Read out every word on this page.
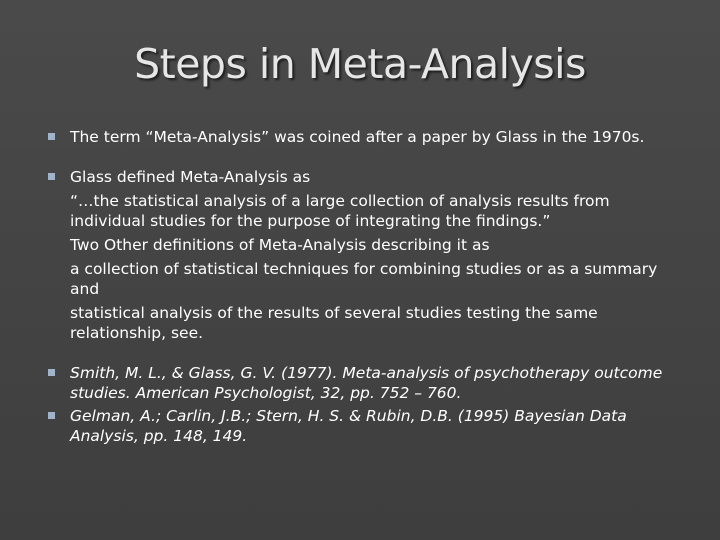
Steps in Meta-Analysis

The term “Meta-Analysis” was coined after a paper by Glass in the 1970s.

Glass defined Meta-Analysis as

“…the statistical analysis of a large collection of analysis results from individual studies for the purpose of integrating the findings.”

Two Other definitions of Meta-Analysis describing it as

a collection of statistical techniques for combining studies or as a summary and

statistical analysis of the results of several studies testing the same relationship, see.

Smith, M. L., & Glass, G. V. (1977). Meta-analysis of psychotherapy outcome studies. American Psychologist, 32, pp. 752 – 760.

Gelman, A.; Carlin, J.B.; Stern, H. S. & Rubin, D.B. (1995) Bayesian Data Analysis, pp. 148, 149.
